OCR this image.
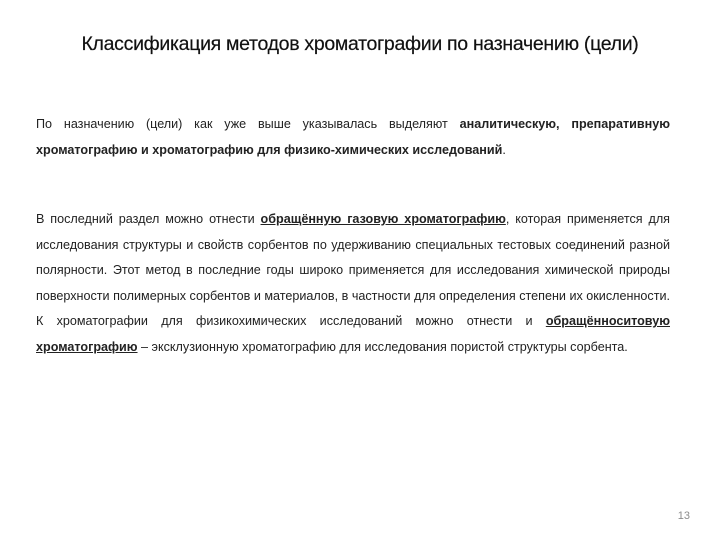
Классификация методов хроматографии по назначению (цели)

По назначению (цели) как уже выше указывалась выделяют аналитическую, препаративную хроматографию и хроматографию для физико-химических исследований.

В последний раздел можно отнести обращённую газовую хроматографию, которая применяется для исследования структуры и свойств сорбентов по удерживанию специальных тестовых соединений разной полярности. Этот метод в последние годы широко применяется для исследования химической природы поверхности полимерных сорбентов и материалов, в частности для определения степени их окисленности. К хроматографии для физикохимических исследований можно отнести и обращённоситовую хроматографию – эксклузионную хроматографию для исследования пористой структуры сорбента.

13
